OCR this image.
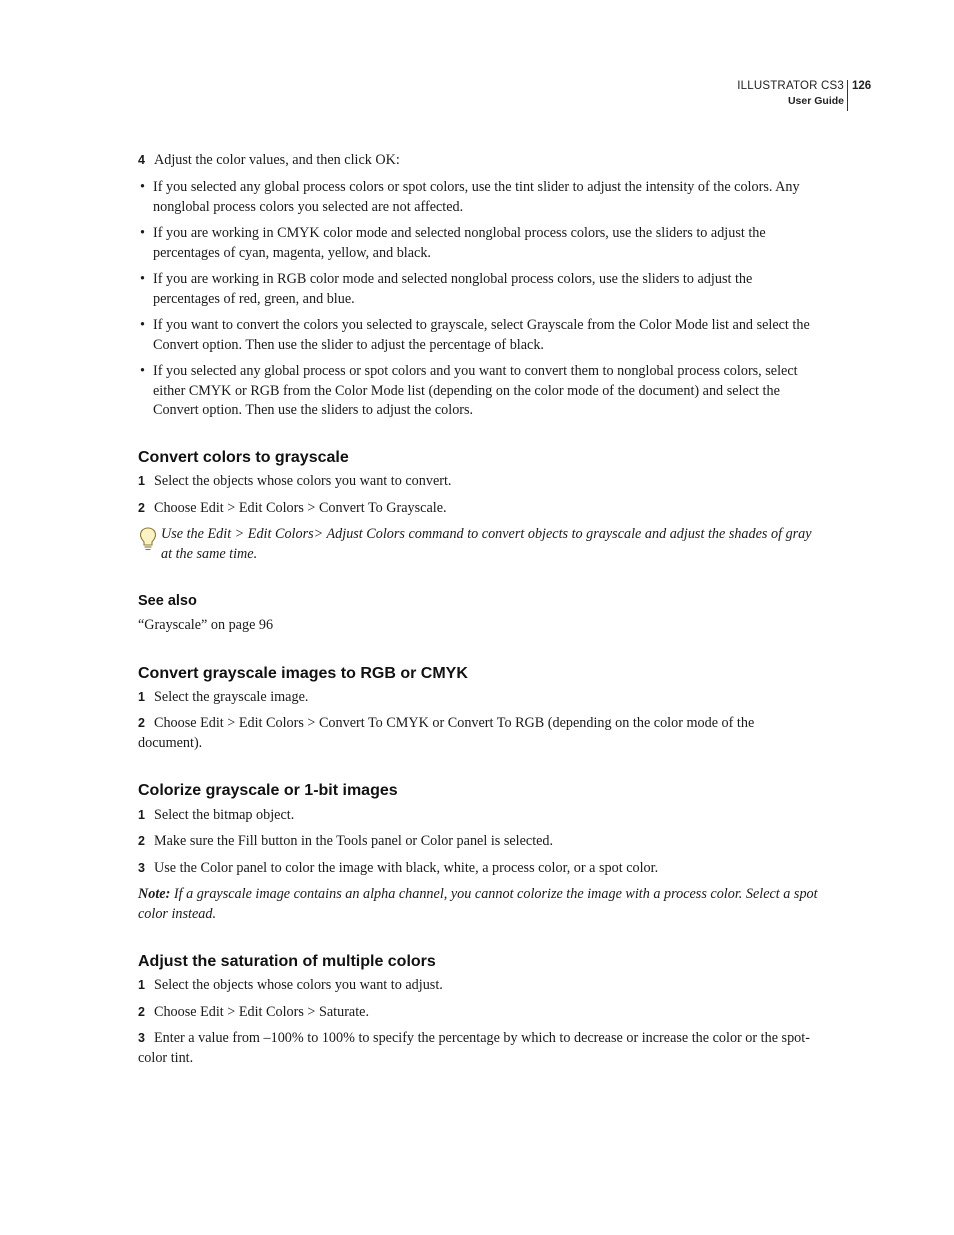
ILLUSTRATOR CS3
User Guide
126
4 Adjust the color values, and then click OK:
• If you selected any global process colors or spot colors, use the tint slider to adjust the intensity of the colors. Any nonglobal process colors you selected are not affected.
• If you are working in CMYK color mode and selected nonglobal process colors, use the sliders to adjust the percentages of cyan, magenta, yellow, and black.
• If you are working in RGB color mode and selected nonglobal process colors, use the sliders to adjust the percentages of red, green, and blue.
• If you want to convert the colors you selected to grayscale, select Grayscale from the Color Mode list and select the Convert option. Then use the slider to adjust the percentage of black.
• If you selected any global process or spot colors and you want to convert them to nonglobal process colors, select either CMYK or RGB from the Color Mode list (depending on the color mode of the document) and select the Convert option. Then use the sliders to adjust the colors.
Convert colors to grayscale
1 Select the objects whose colors you want to convert.
2 Choose Edit > Edit Colors > Convert To Grayscale.
Use the Edit > Edit Colors> Adjust Colors command to convert objects to grayscale and adjust the shades of gray at the same time.
See also
“Grayscale” on page 96
Convert grayscale images to RGB or CMYK
1 Select the grayscale image.
2 Choose Edit > Edit Colors > Convert To CMYK or Convert To RGB (depending on the color mode of the document).
Colorize grayscale or 1-bit images
1 Select the bitmap object.
2 Make sure the Fill button in the Tools panel or Color panel is selected.
3 Use the Color panel to color the image with black, white, a process color, or a spot color.
Note: If a grayscale image contains an alpha channel, you cannot colorize the image with a process color. Select a spot color instead.
Adjust the saturation of multiple colors
1 Select the objects whose colors you want to adjust.
2 Choose Edit > Edit Colors > Saturate.
3 Enter a value from –100% to 100% to specify the percentage by which to decrease or increase the color or the spot-color tint.
